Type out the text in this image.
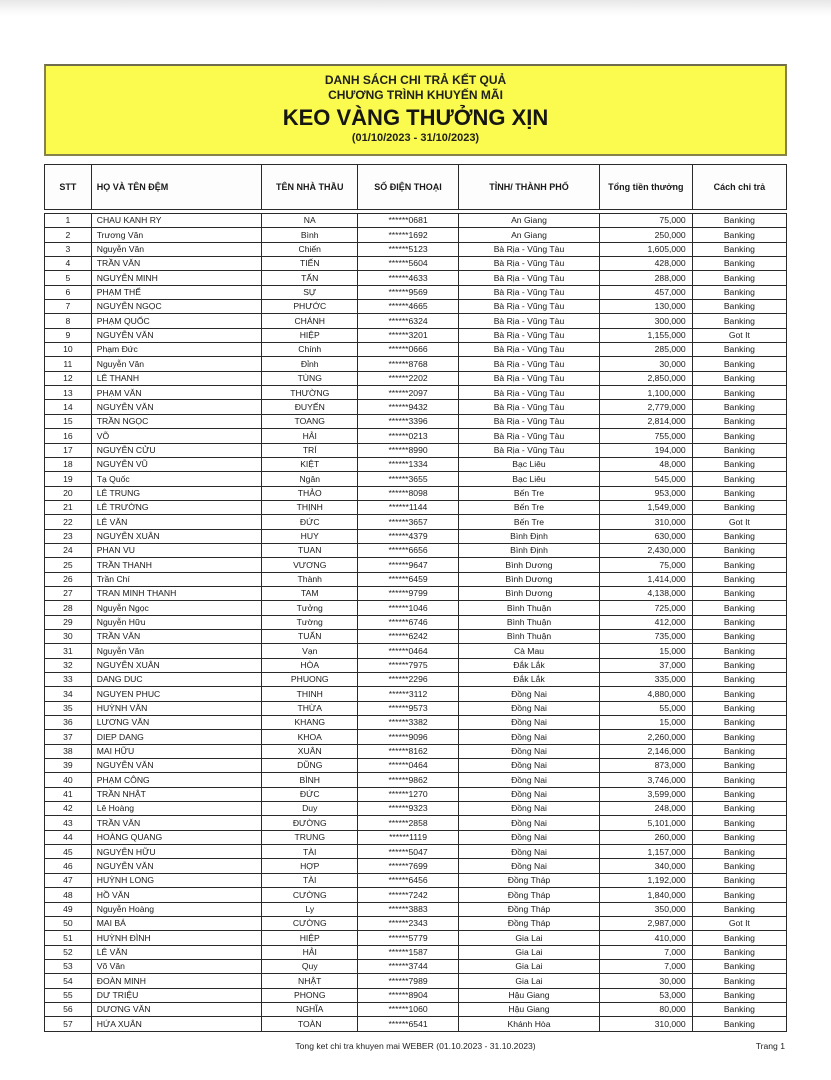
DANH SÁCH CHI TRẢ KẾT QUẢ
CHƯƠNG TRÌNH KHUYẾN MÃI
KEO VÀNG THƯỞNG XỊN
(01/10/2023 - 31/10/2023)
STT	HỌ VÀ TÊN ĐỆM	TÊN NHÀ THẦU	SỐ ĐIỆN THOẠI	TỈNH/ THÀNH PHỐ	Tổng tiền thưởng	Cách chi trả
1	CHAU KANH RY	NA	******0681	An Giang	75,000	Banking
2	Trương Văn	Bình	******1692	An Giang	250,000	Banking
3	Nguyễn Văn	Chiến	******5123	Bà Rịa - Vũng Tàu	1,605,000	Banking
4	TRẦN VĂN	TIẾN	******5604	Bà Rịa - Vũng Tàu	428,000	Banking
5	NGUYỄN MINH	TẤN	******4633	Bà Rịa - Vũng Tàu	288,000	Banking
6	PHẠM THẾ	SỰ	******9569	Bà Rịa - Vũng Tàu	457,000	Banking
7	NGUYỄN NGỌC	PHƯỚC	******4665	Bà Rịa - Vũng Tàu	130,000	Banking
8	PHẠM QUỐC	CHÁNH	******6324	Bà Rịa - Vũng Tàu	300,000	Banking
9	NGUYỄN VĂN	HIỆP	******3201	Bà Rịa - Vũng Tàu	1,155,000	Got It
10	Phạm Đức	Chính	******0666	Bà Rịa - Vũng Tàu	285,000	Banking
11	Nguyễn Văn	Đỉnh	******8768	Bà Rịa - Vũng Tàu	30,000	Banking
12	LÊ THANH	TÙNG	******2202	Bà Rịa - Vũng Tàu	2,850,000	Banking
13	PHẠM VĂN	THƯỜNG	******2097	Bà Rịa - Vũng Tàu	1,100,000	Banking
14	NGUYỄN VĂN	ĐUYẾN	******9432	Bà Rịa - Vũng Tàu	2,779,000	Banking
15	TRẦN NGỌC	TOANG	******3396	Bà Rịa - Vũng Tàu	2,814,000	Banking
16	VÕ	HẢI	******0213	Bà Rịa - Vũng Tàu	755,000	Banking
17	NGUYỄN CỬU	TRÍ	******8990	Bà Rịa - Vũng Tàu	194,000	Banking
18	NGUYỄN VŨ	KIỆT	******1334	Bạc Liêu	48,000	Banking
19	Tạ Quốc	Ngân	******3655	Bạc Liêu	545,000	Banking
20	LÊ TRUNG	THẢO	******8098	Bến Tre	953,000	Banking
21	LÊ TRƯỜNG	THỊNH	******1144	Bến Tre	1,549,000	Banking
22	LÊ VĂN	ĐỨC	******3657	Bến Tre	310,000	Got It
23	NGUYỄN XUÂN	HUY	******4379	Bình Định	630,000	Banking
24	PHAN VU	TUAN	******6656	Bình Định	2,430,000	Banking
25	TRẦN THANH	VƯƠNG	******9647	Bình Dương	75,000	Banking
26	Trần Chí	Thành	******6459	Bình Dương	1,414,000	Banking
27	TRAN MINH THANH	TAM	******9799	Bình Dương	4,138,000	Banking
28	Nguyễn Ngọc	Tưởng	******1046	Bình Thuận	725,000	Banking
29	Nguyễn Hữu	Tường	******6746	Bình Thuận	412,000	Banking
30	TRẦN VĂN	TUẤN	******6242	Bình Thuận	735,000	Banking
31	Nguyễn Văn	Vạn	******0464	Cà Mau	15,000	Banking
32	NGUYỄN XUÂN	HÒA	******7975	Đắk Lắk	37,000	Banking
33	DANG DUC	PHUONG	******2296	Đắk Lắk	335,000	Banking
34	NGUYEN PHUC	THINH	******3112	Đồng Nai	4,880,000	Banking
35	HUỲNH VĂN	THỪA	******9573	Đồng Nai	55,000	Banking
36	LƯƠNG VĂN	KHANG	******3382	Đồng Nai	15,000	Banking
37	DIEP DANG	KHOA	******9096	Đồng Nai	2,260,000	Banking
38	MAI HỮU	XUÂN	******8162	Đồng Nai	2,146,000	Banking
39	NGUYỄN VĂN	DŨNG	******0464	Đồng Nai	873,000	Banking
40	PHẠM CÔNG	BÌNH	******9862	Đồng Nai	3,746,000	Banking
41	TRẦN NHẬT	ĐỨC	******1270	Đồng Nai	3,599,000	Banking
42	Lê Hoàng	Duy	******9323	Đồng Nai	248,000	Banking
43	TRẦN VĂN	ĐƯỜNG	******2858	Đồng Nai	5,101,000	Banking
44	HOÀNG QUANG	TRUNG	******1119	Đồng Nai	260,000	Banking
45	NGUYỄN HỮU	TÀI	******5047	Đồng Nai	1,157,000	Banking
46	NGUYỄN VĂN	HỢP	******7699	Đồng Nai	340,000	Banking
47	HUỲNH LONG	TÀI	******6456	Đồng Tháp	1,192,000	Banking
48	HỒ VĂN	CƯỜNG	******7242	Đồng Tháp	1,840,000	Banking
49	Nguyễn Hoàng	Ly	******3883	Đồng Tháp	350,000	Banking
50	MAI BÁ	CƯỜNG	******2343	Đồng Tháp	2,987,000	Got It
51	HUỲNH ĐÌNH	HIỆP	******5779	Gia Lai	410,000	Banking
52	LÊ VĂN	HẢI	******1587	Gia Lai	7,000	Banking
53	Võ Văn	Quy	******3744	Gia Lai	7,000	Banking
54	ĐOÀN MINH	NHẬT	******7989	Gia Lai	30,000	Banking
55	DƯ TRIỆU	PHONG	******8904	Hậu Giang	53,000	Banking
56	DƯƠNG VĂN	NGHĨA	******1060	Hậu Giang	80,000	Banking
57	HỨA XUÂN	TOÀN	******6541	Khánh Hòa	310,000	Banking
Tong ket chi tra khuyen mai WEBER (01.10.2023 - 31.10.2023)	Trang 1
